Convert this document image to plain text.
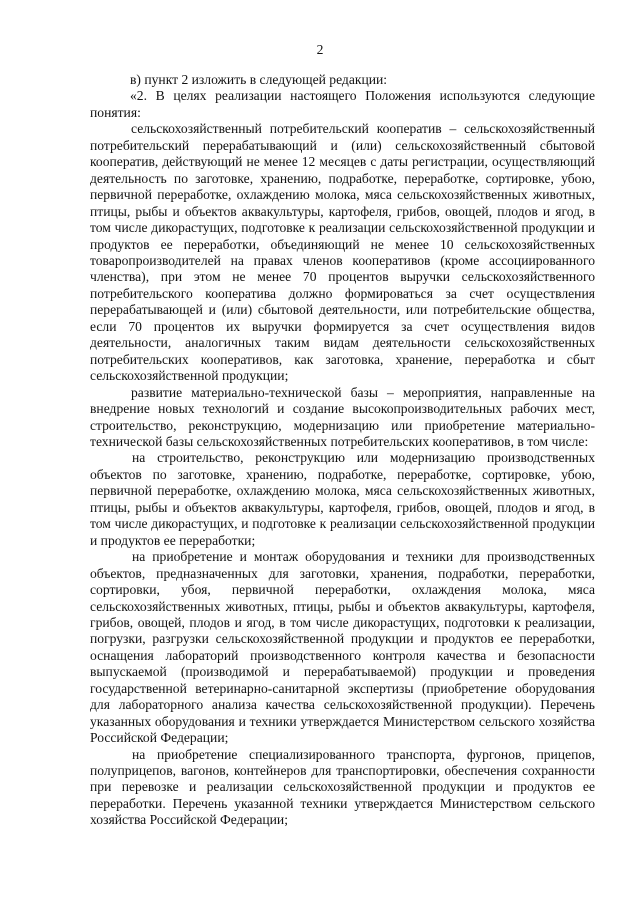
2

в) пункт 2 изложить в следующей редакции:

«2. В целях реализации настоящего Положения используются следующие понятия:

сельскохозяйственный потребительский кооператив – сельскохозяйственный потребительский перерабатывающий и (или) сельскохозяйственный сбытовой кооператив, действующий не менее 12 месяцев с даты регистрации, осуществляющий деятельность по заготовке, хранению, подработке, переработке, сортировке, убою, первичной переработке, охлаждению молока, мяса сельскохозяйственных животных, птицы, рыбы и объектов аквакультуры, картофеля, грибов, овощей, плодов и ягод, в том числе дикорастущих, подготовке к реализации сельскохозяйственной продукции и продуктов ее переработки, объединяющий не менее 10 сельскохозяйственных товаропроизводителей на правах членов кооперативов (кроме ассоциированного членства), при этом не менее 70 процентов выручки сельскохозяйственного потребительского кооператива должно формироваться за счет осуществления перерабатывающей и (или) сбытовой деятельности, или потребительские общества, если 70 процентов их выручки формируется за счет осуществления видов деятельности, аналогичных таким видам деятельности сельскохозяйственных потребительских кооперативов, как заготовка, хранение, переработка и сбыт сельскохозяйственной продукции;

развитие материально-технической базы – мероприятия, направленные на внедрение новых технологий и создание высокопроизводительных рабочих мест, строительство, реконструкцию, модернизацию или приобретение материально-технической базы сельскохозяйственных потребительских кооперативов, в том числе:

на строительство, реконструкцию или модернизацию производственных объектов по заготовке, хранению, подработке, переработке, сортировке, убою, первичной переработке, охлаждению молока, мяса сельскохозяйственных животных, птицы, рыбы и объектов аквакультуры, картофеля, грибов, овощей, плодов и ягод, в том числе дикорастущих, и подготовке к реализации сельскохозяйственной продукции и продуктов ее переработки;

на приобретение и монтаж оборудования и техники для производственных объектов, предназначенных для заготовки, хранения, подработки, переработки, сортировки, убоя, первичной переработки, охлаждения молока, мяса сельскохозяйственных животных, птицы, рыбы и объектов аквакультуры, картофеля, грибов, овощей, плодов и ягод, в том числе дикорастущих, подготовки к реализации, погрузки, разгрузки сельскохозяйственной продукции и продуктов ее переработки, оснащения лабораторий производственного контроля качества и безопасности выпускаемой (производимой и перерабатываемой) продукции и проведения государственной ветеринарно-санитарной экспертизы (приобретение оборудования для лабораторного анализа качества сельскохозяйственной продукции). Перечень указанных оборудования и техники утверждается Министерством сельского хозяйства Российской Федерации;

на приобретение специализированного транспорта, фургонов, прицепов, полуприцепов, вагонов, контейнеров для транспортировки, обеспечения сохранности при перевозке и реализации сельскохозяйственной продукции и продуктов ее переработки. Перечень указанной техники утверждается Министерством сельского хозяйства Российской Федерации;
